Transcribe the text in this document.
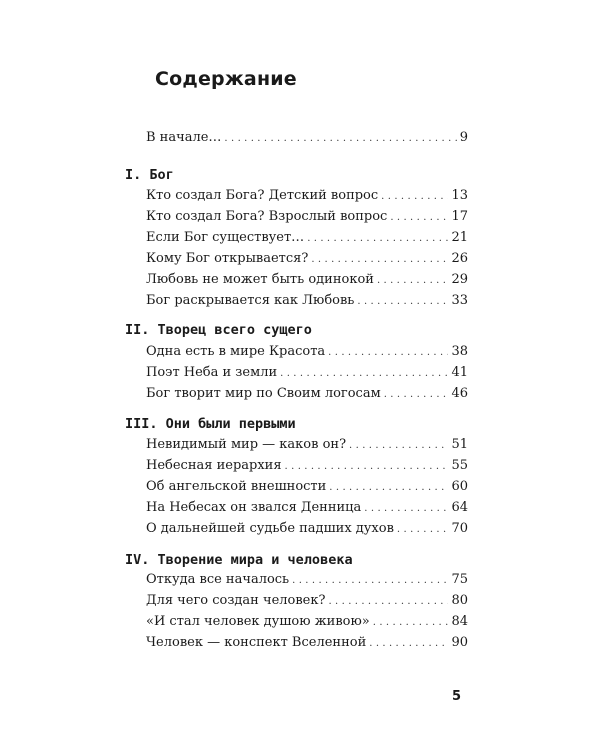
Содержание
В начале… .....	9
I. Бог
Кто создал Бога? Детский вопрос .....	13
Кто создал Бога? Взрослый вопрос .....	17
Если Бог существует… .....	21
Кому Бог открывается? .....	26
Любовь не может быть одинокой .....	29
Бог раскрывается как Любовь .....	33
II. Творец всего сущего
Одна есть в мире Красота .....	38
Поэт Неба и земли .....	41
Бог творит мир по Своим логосам .....	46
III. Они были первыми
Невидимый мир — каков он? .....	51
Небесная иерархия .....	55
Об ангельской внешности .....	60
На Небесах он звался Денница .....	64
О дальнейшей судьбе падших духов .....	70
IV. Творение мира и человека
Откуда все началось .....	75
Для чего создан человек? .....	80
«И стал человек душою живою» .....	84
Человек — конспект Вселенной .....	90
5
